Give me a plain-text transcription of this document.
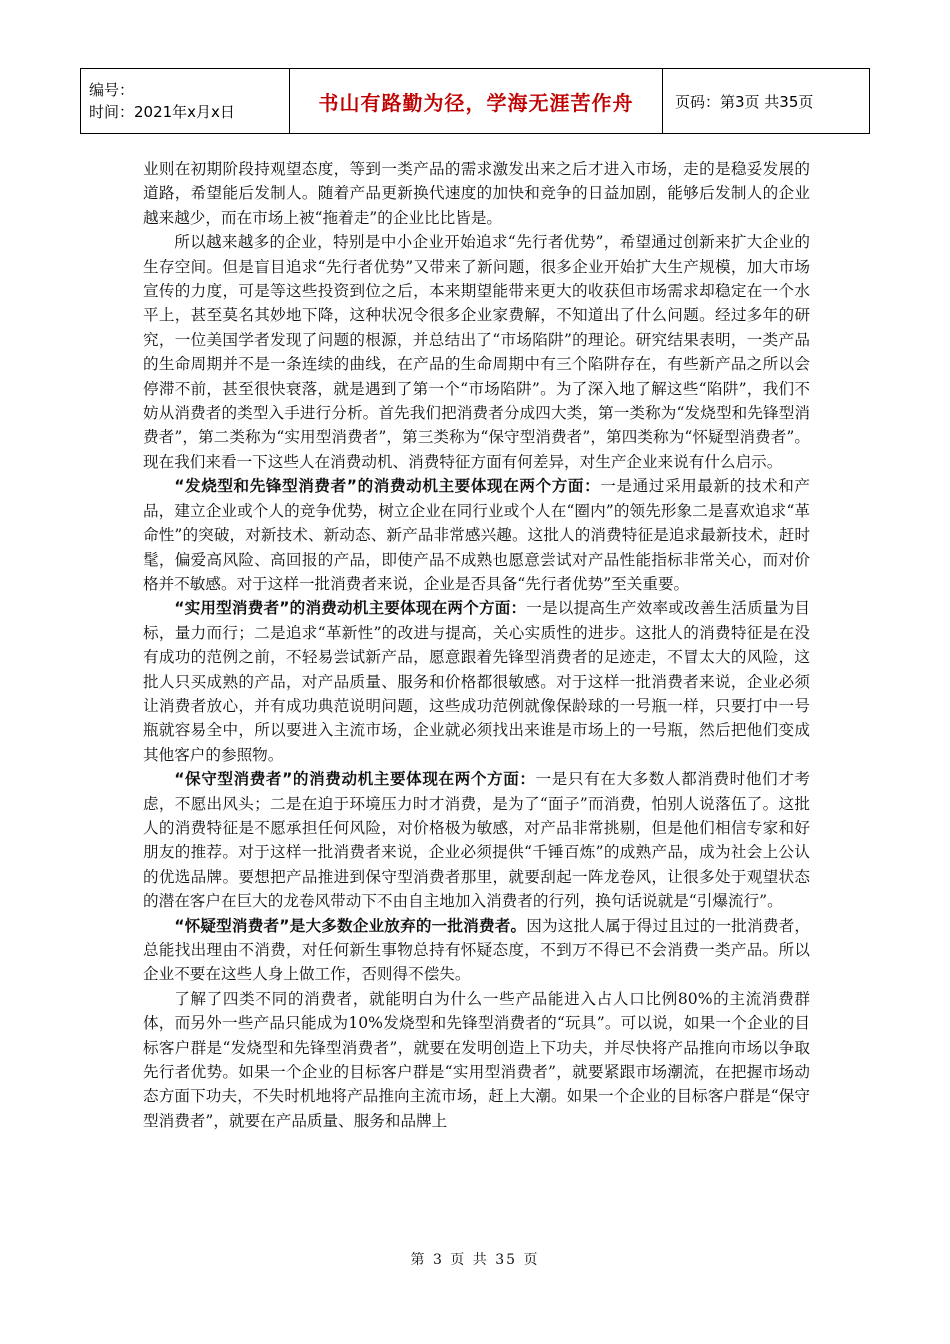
编号：
时间：2021年x月x日	书山有路勤为径，学海无涯苦作舟	页码：第3页 共35页

业则在初期阶段持观望态度，等到一类产品的需求激发出来之后才进入市场，走的是稳妥发展的道路，希望能后发制人。随着产品更新换代速度的加快和竞争的日益加剧，能够后发制人的企业越来越少，而在市场上被“拖着走”的企业比比皆是。

所以越来越多的企业，特别是中小企业开始追求“先行者优势”，希望通过创新来扩大企业的生存空间。但是盲目追求“先行者优势”又带来了新问题，很多企业开始扩大生产规模，加大市场宣传的力度，可是等这些投资到位之后，本来期望能带来更大的收获但市场需求却稳定在一个水平上，甚至莫名其妙地下降，这种状况令很多企业家费解，不知道出了什么问题。经过多年的研究，一位美国学者发现了问题的根源，并总结出了“市场陷阱”的理论。研究结果表明，一类产品的生命周期并不是一条连续的曲线，在产品的生命周期中有三个陷阱存在，有些新产品之所以会停滞不前，甚至很快衰落，就是遇到了第一个“市场陷阱”。为了深入地了解这些“陷阱”，我们不妨从消费者的类型入手进行分析。首先我们把消费者分成四大类，第一类称为“发烧型和先锋型消费者”，第二类称为“实用型消费者”，第三类称为“保守型消费者”，第四类称为“怀疑型消费者”。现在我们来看一下这些人在消费动机、消费特征方面有何差异，对生产企业来说有什么启示。

“发烧型和先锋型消费者”的消费动机主要体现在两个方面：一是通过采用最新的技术和产品，建立企业或个人的竞争优势，树立企业在同行业或个人在“圈内”的领先形象二是喜欢追求“革命性”的突破，对新技术、新动态、新产品非常感兴趣。这批人的消费特征是追求最新技术，赶时髦，偏爱高风险、高回报的产品，即使产品不成熟也愿意尝试对产品性能指标非常关心，而对价格并不敏感。对于这样一批消费者来说，企业是否具备“先行者优势”至关重要。

“实用型消费者”的消费动机主要体现在两个方面：一是以提高生产效率或改善生活质量为目标，量力而行；二是追求“革新性”的改进与提高，关心实质性的进步。这批人的消费特征是在没有成功的范例之前，不轻易尝试新产品，愿意跟着先锋型消费者的足迹走，不冒太大的风险，这批人只买成熟的产品，对产品质量、服务和价格都很敏感。对于这样一批消费者来说，企业必须让消费者放心，并有成功典范说明问题，这些成功范例就像保龄球的一号瓶一样，只要打中一号瓶就容易全中，所以要进入主流市场，企业就必须找出来谁是市场上的一号瓶，然后把他们变成其他客户的参照物。

“保守型消费者”的消费动机主要体现在两个方面：一是只有在大多数人都消费时他们才考虑，不愿出风头；二是在迫于环境压力时才消费，是为了“面子”而消费，怕别人说落伍了。这批人的消费特征是不愿承担任何风险，对价格极为敏感，对产品非常挑剔，但是他们相信专家和好朋友的推荐。对于这样一批消费者来说，企业必须提供“千锤百炼”的成熟产品，成为社会上公认的优选品牌。要想把产品推进到保守型消费者那里，就要刮起一阵龙卷风，让很多处于观望状态的潜在客户在巨大的龙卷风带动下不由自主地加入消费者的行列，换句话说就是“引爆流行”。

“怀疑型消费者”是大多数企业放弃的一批消费者。因为这批人属于得过且过的一批消费者，总能找出理由不消费，对任何新生事物总持有怀疑态度，不到万不得已不会消费一类产品。所以企业不要在这些人身上做工作，否则得不偿失。

了解了四类不同的消费者，就能明白为什么一些产品能进入占人口比例80%的主流消费群体，而另外一些产品只能成为10%发烧型和先锋型消费者的“玩具”。可以说，如果一个企业的目标客户群是“发烧型和先锋型消费者”，就要在发明创造上下功夫，并尽快将产品推向市场以争取先行者优势。如果一个企业的目标客户群是“实用型消费者”，就要紧跟市场潮流，在把握市场动态方面下功夫，不失时机地将产品推向主流市场，赶上大潮。如果一个企业的目标客户群是“保守型消费者”，就要在产品质量、服务和品牌上

第 3 页 共 35 页
